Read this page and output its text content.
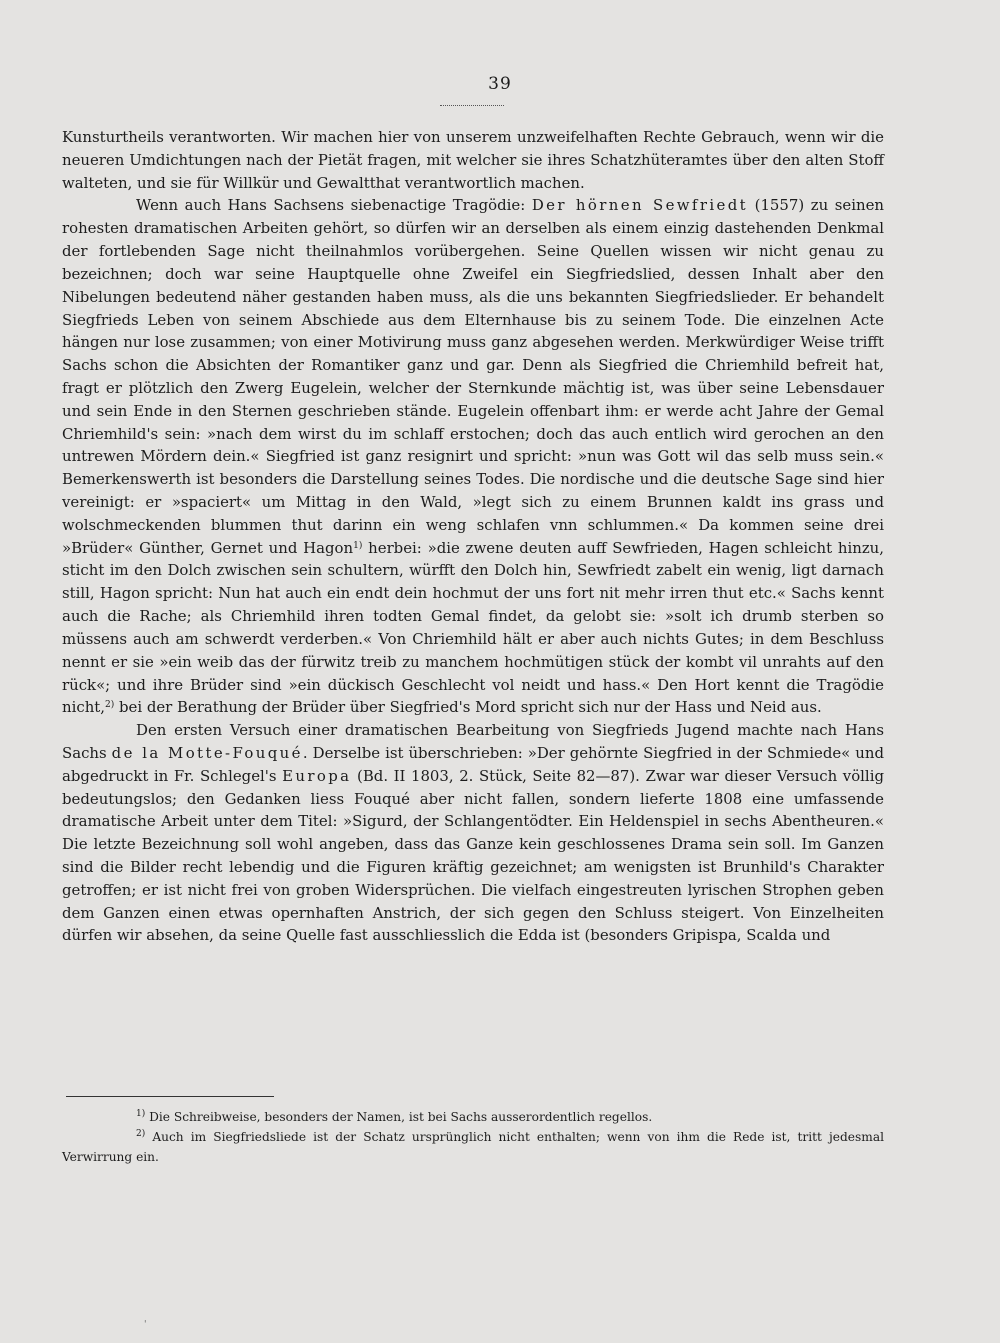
39

Kunsturtheils verantworten. Wir machen hier von unserem unzweifelhaften Rechte Gebrauch, wenn wir die neueren Umdichtungen nach der Pietät fragen, mit welcher sie ihres Schatzhüteramtes über den alten Stoff walteten, und sie für Willkür und Gewaltthat verantwortlich machen.

Wenn auch Hans Sachsens siebenactige Tragödie: Der hörnen Sewfriedt (1557) zu seinen rohesten dramatischen Arbeiten gehört, so dürfen wir an derselben als einem einzig dastehenden Denkmal der fortlebenden Sage nicht theilnahmlos vorübergehen. Seine Quellen wissen wir nicht genau zu bezeichnen; doch war seine Hauptquelle ohne Zweifel ein Siegfriedslied, dessen Inhalt aber den Nibelungen bedeutend näher gestanden haben muss, als die uns bekannten Siegfriedslieder. Er behandelt Siegfrieds Leben von seinem Abschiede aus dem Elternhause bis zu seinem Tode. Die einzelnen Acte hängen nur lose zusammen; von einer Motivirung muss ganz abgesehen werden. Merkwürdiger Weise trifft Sachs schon die Absichten der Romantiker ganz und gar. Denn als Siegfried die Chriemhild befreit hat, fragt er plötzlich den Zwerg Eugelein, welcher der Sternkunde mächtig ist, was über seine Lebensdauer und sein Ende in den Sternen geschrieben stände. Eugelein offenbart ihm: er werde acht Jahre der Gemal Chriemhild's sein: »nach dem wirst du im schlaff erstochen; doch das auch entlich wird gerochen an den untrewen Mördern dein.« Siegfried ist ganz resignirt und spricht: »nun was Gott wil das selb muss sein.« Bemerkenswerth ist besonders die Darstellung seines Todes. Die nordische und die deutsche Sage sind hier vereinigt: er »spaciert« um Mittag in den Wald, »legt sich zu einem Brunnen kaldt ins grass und wolschmeckenden blummen thut darinn ein weng schlafen vnn schlummen.« Da kommen seine drei »Brüder« Günther, Gernet und Hagon$^{1)}$ herbei: »die zwene deuten auff Sewfrieden, Hagen schleicht hinzu, sticht im den Dolch zwischen sein schultern, würfft den Dolch hin, Sewfriedt zabelt ein wenig, ligt darnach still, Hagon spricht: Nun hat auch ein endt dein hochmut der uns fort nit mehr irren thut etc.« Sachs kennt auch die Rache; als Chriemhild ihren todten Gemal findet, da gelobt sie: »solt ich drumb sterben so müssens auch am schwerdt verderben.« Von Chriemhild hält er aber auch nichts Gutes; in dem Beschluss nennt er sie »ein weib das der fürwitz treib zu manchem hochmütigen stück der kombt vil unrahts auf den rück«; und ihre Brüder sind »ein dückisch Geschlecht vol neidt und hass.« Den Hort kennt die Tragödie nicht,$^{2)}$ bei der Berathung der Brüder über Siegfried's Mord spricht sich nur der Hass und Neid aus.

Den ersten Versuch einer dramatischen Bearbeitung von Siegfrieds Jugend machte nach Hans Sachs de la Motte-Fouqué. Derselbe ist überschrieben: »Der gehörnte Siegfried in der Schmiede« und abgedruckt in Fr. Schlegel's Europa (Bd. II 1803, 2. Stück, Seite 82—87). Zwar war dieser Versuch völlig bedeutungslos; den Gedanken liess Fouqué aber nicht fallen, sondern lieferte 1808 eine umfassende dramatische Arbeit unter dem Titel: »Sigurd, der Schlangentödter. Ein Heldenspiel in sechs Abentheuren.« Die letzte Bezeichnung soll wohl angeben, dass das Ganze kein geschlossenes Drama sein soll. Im Ganzen sind die Bilder recht lebendig und die Figuren kräftig gezeichnet; am wenigsten ist Brunhild's Charakter getroffen; er ist nicht frei von groben Widersprüchen. Die vielfach eingestreuten lyrischen Strophen geben dem Ganzen einen etwas opernhaften Anstrich, der sich gegen den Schluss steigert. Von Einzelheiten dürfen wir absehen, da seine Quelle fast ausschliesslich die Edda ist (besonders Gripispa, Scalda und

$^{1)}$ Die Schreibweise, besonders der Namen, ist bei Sachs ausserordentlich regellos.

$^{2)}$ Auch im Siegfriedsliede ist der Schatz ursprünglich nicht enthalten; wenn von ihm die Rede ist, tritt jedesmal Verwirrung ein.

'
